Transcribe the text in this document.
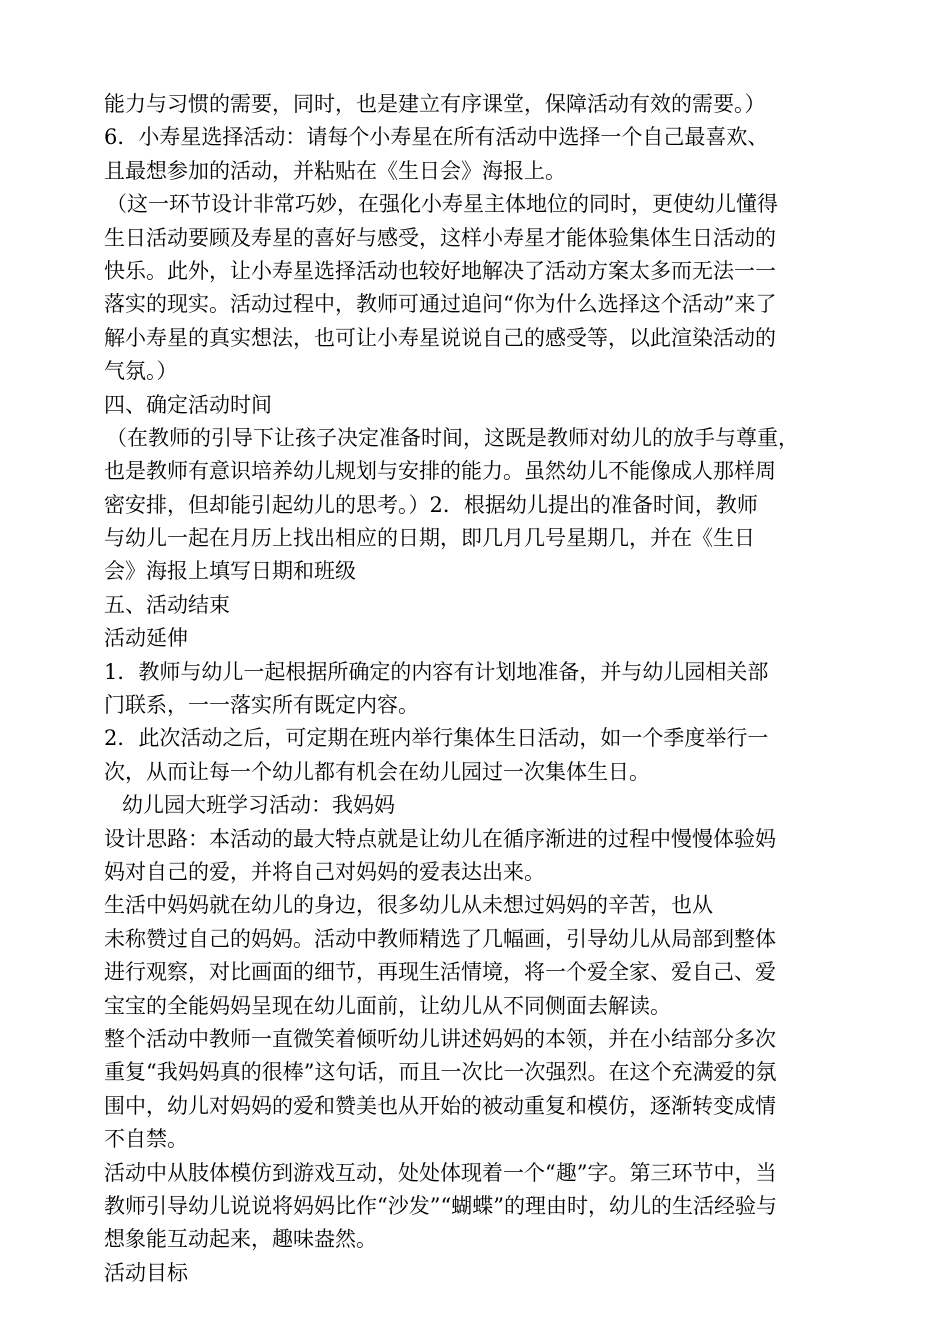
能力与习惯的需要，同时，也是建立有序课堂，保障活动有效的需要。）
6．小寿星选择活动：请每个小寿星在所有活动中选择一个自己最喜欢、
且最想参加的活动，并粘贴在《生日会》海报上。
（这一环节设计非常巧妙，在强化小寿星主体地位的同时，更使幼儿懂得
生日活动要顾及寿星的喜好与感受，这样小寿星才能体验集体生日活动的
快乐。此外，让小寿星选择活动也较好地解决了活动方案太多而无法一一
落实的现实。活动过程中，教师可通过追问“你为什么选择这个活动”来了
解小寿星的真实想法，也可让小寿星说说自己的感受等，以此渲染活动的
气氛。）
四、确定活动时间
（在教师的引导下让孩子决定准备时间，这既是教师对幼儿的放手与尊重，
也是教师有意识培养幼儿规划与安排的能力。虽然幼儿不能像成人那样周
密安排，但却能引起幼儿的思考。）2．根据幼儿提出的准备时间，教师
与幼儿一起在月历上找出相应的日期，即几月几号星期几，并在《生日
会》海报上填写日期和班级
五、活动结束
活动延伸
1．教师与幼儿一起根据所确定的内容有计划地准备，并与幼儿园相关部
门联系，一一落实所有既定内容。
2．此次活动之后，可定期在班内举行集体生日活动，如一个季度举行一
次，从而让每一个幼儿都有机会在幼儿园过一次集体生日。
幼儿园大班学习活动：我妈妈
设计思路：本活动的最大特点就是让幼儿在循序渐进的过程中慢慢体验妈
妈对自己的爱，并将自己对妈妈的爱表达出来。
生活中妈妈就在幼儿的身边，很多幼儿从未想过妈妈的辛苦，也从
未称赞过自己的妈妈。活动中教师精选了几幅画，引导幼儿从局部到整体
进行观察，对比画面的细节，再现生活情境，将一个爱全家、爱自己、爱
宝宝的全能妈妈呈现在幼儿面前，让幼儿从不同侧面去解读。
整个活动中教师一直微笑着倾听幼儿讲述妈妈的本领，并在小结部分多次
重复“我妈妈真的很棒”这句话，而且一次比一次强烈。在这个充满爱的氛
围中，幼儿对妈妈的爱和赞美也从开始的被动重复和模仿，逐渐转变成情
不自禁。
活动中从肢体模仿到游戏互动，处处体现着一个“趣”字。第三环节中，当
教师引导幼儿说说将妈妈比作“沙发”“蝴蝶”的理由时，幼儿的生活经验与
想象能互动起来，趣味盎然。
活动目标
